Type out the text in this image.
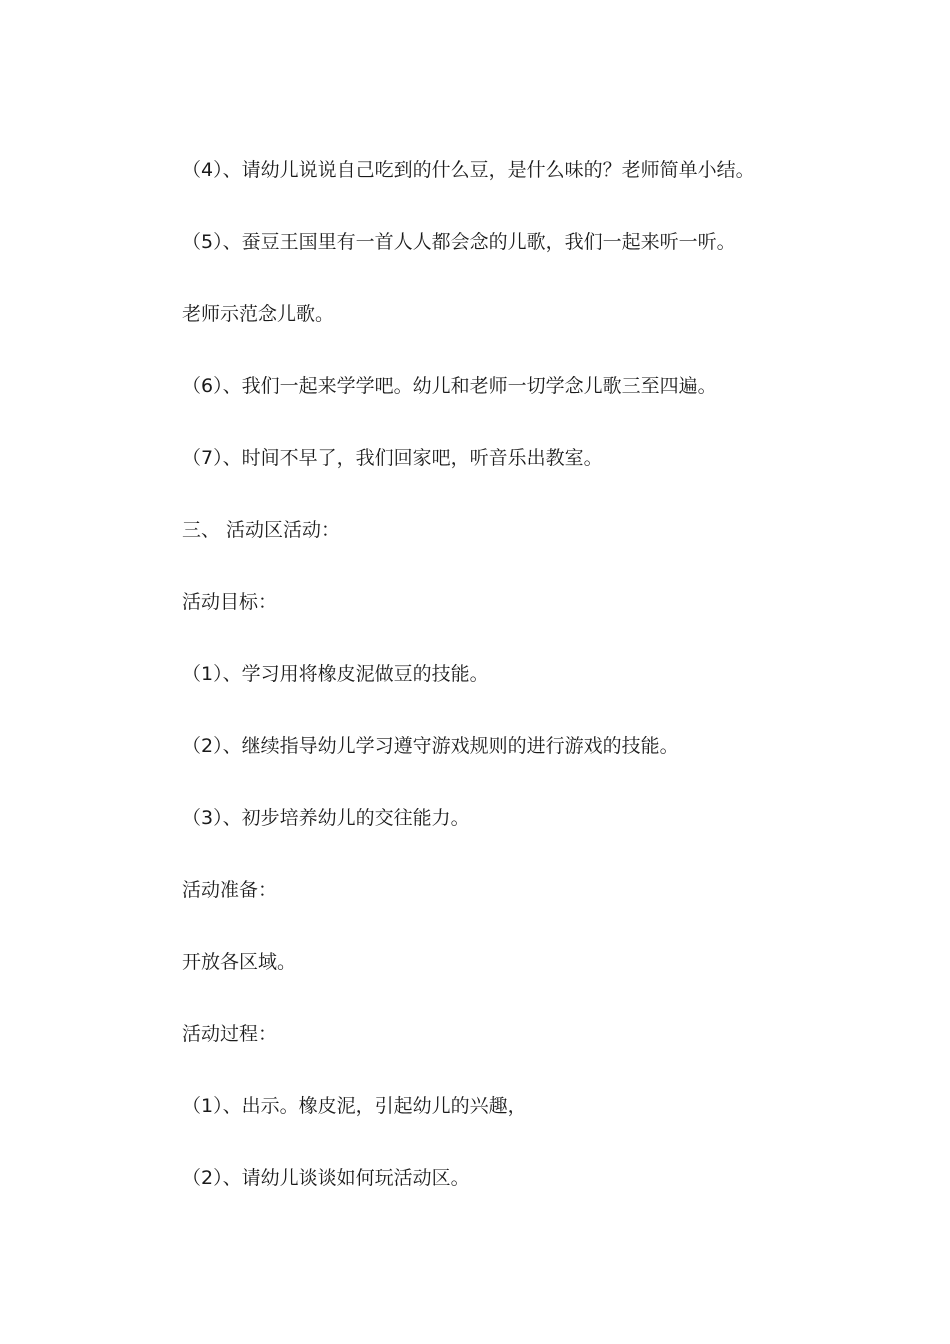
（4）、请幼儿说说自己吃到的什么豆，是什么味的？老师简单小结。

（5）、蚕豆王国里有一首人人都会念的儿歌，我们一起来听一听。

老师示范念儿歌。

（6）、我们一起来学学吧。幼儿和老师一切学念儿歌三至四遍。

（7）、时间不早了，我们回家吧，听音乐出教室。

三、 活动区活动：

活动目标：

（1）、学习用将橡皮泥做豆的技能。

（2）、继续指导幼儿学习遵守游戏规则的进行游戏的技能。

（3）、初步培养幼儿的交往能力。

活动准备：

开放各区域。

活动过程：

（1）、出示。橡皮泥，引起幼儿的兴趣，

（2）、请幼儿谈谈如何玩活动区。
